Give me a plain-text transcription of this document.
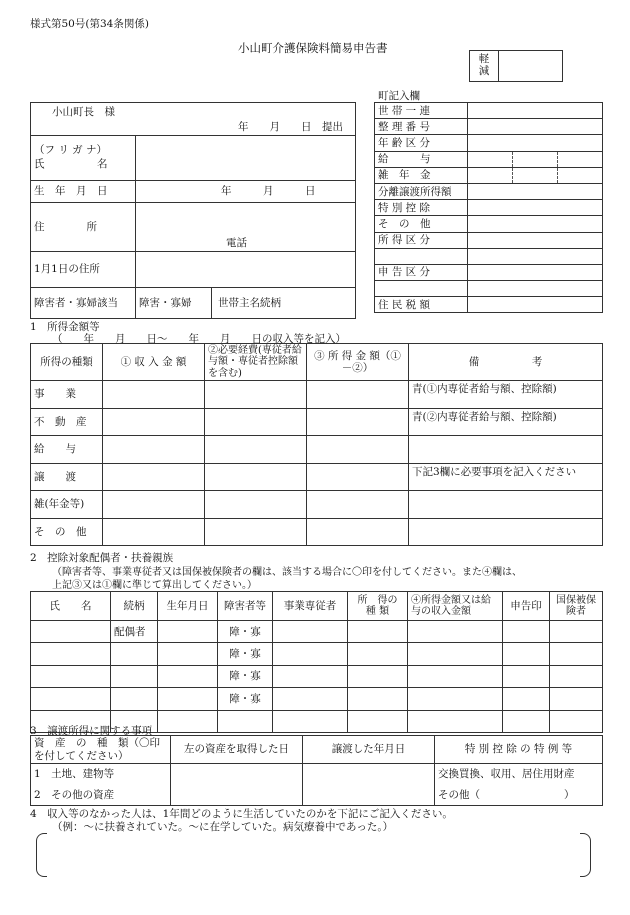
様式第50号(第34条関係)
小山町介護保険料簡易申告書
軽
減	
町記入欄
小山町長　様
年　　月　　日　提出	

（フ リ ガ ナ）
氏　　　　　名	

生　年　月　日	年　　　月　　　日
住　　　　所	電話
1月1日の住所	
障害者・寡婦該当	障害・寡婦 世帯主名続柄
世 帯 一 連			
整 理 番 号			
年 齢 区 分			
給　　　与			
雑　年　金			
分離譲渡所得額			
特 別 控 除			
そ　の　他			
所 得 区 分			

申 告 区 分			

住 民 税 額			
1　所得金額等
（　　年　　月　　日～　　年　　月　　日の収入等を記入）
所得の種類	① 収 入 金 額	②必要経費(専従者給与額・専従者控除額を含む)	③ 所 得 金 額（①－②）	備　　　　　考
事　　業				青(①内専従者給与額、控除額)
不　動　産				青(②内専従者給与額、控除額)
給　　与				
譲　　渡				下記3欄に必要事項を記入ください
雑(年金等)				
そ　の　他				
2　控除対象配偶者・扶養親族
（障害者等、事業専従者又は国保被保険者の欄は、該当する場合に〇印を付してください。また④欄は、
上記③又は①欄に準じて算出してください。）
氏　　名	続柄	生年月日	障害者等	事業専従者	所　得の 種 類	④所得金額又は給与の収入金額	申告印	国保被保険者
	配偶者		障・寡					
			障・寡					
			障・寡					
			障・寡					

3　譲渡所得に関する事項
資　産　の　種　類（〇印を付してください）	左の資産を取得した日	譲渡した年月日	特 別 控 除 の 特 例 等
1　土地、建物等			交換買換、収用、居住用財産
2　その他の資産			その他（　　　　　　　　）
4　収入等のなかった人は、1年間どのように生活していたのかを下記にご記入ください。
（例：～に扶養されていた。～に在学していた。病気療養中であった。）
